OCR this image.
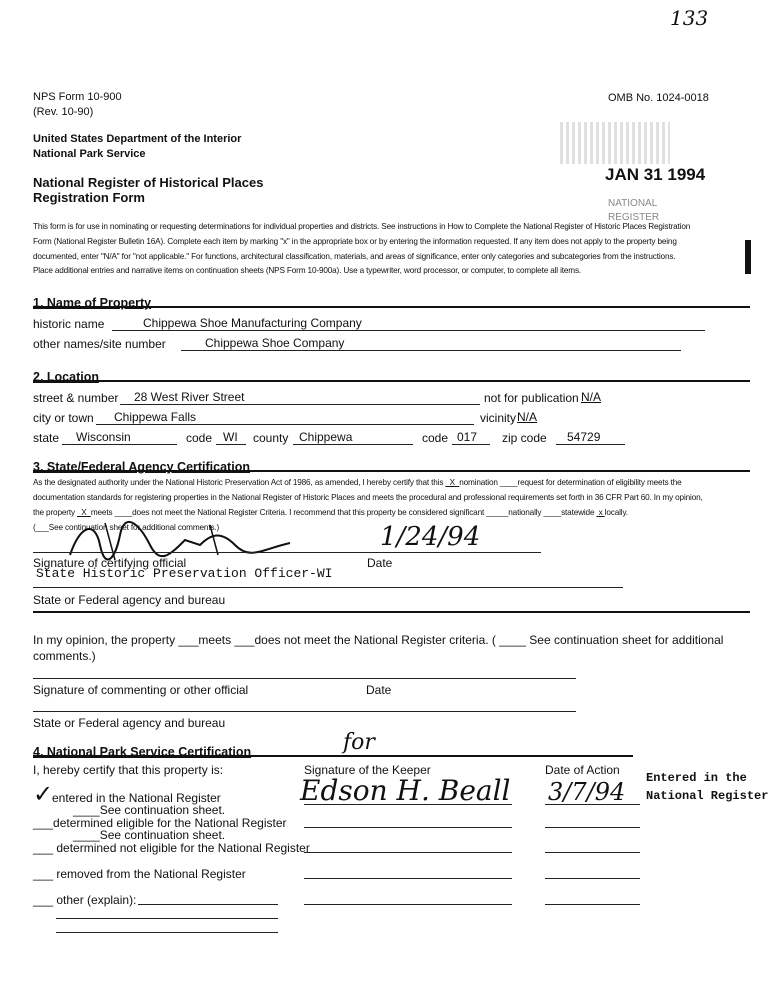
133
NPS Form 10-900
(Rev. 10-90)
OMB No. 1024-0018
United States Department of the Interior
National Park Service
National Register of Historical Places
Registration Form
JAN 31 1994
NATIONAL
REGISTER
This form is for use in nominating or requesting determinations for individual properties and districts. See instructions in How to Complete the National Register of Historic Places Registration
Form (National Register Bulletin 16A). Complete each item by marking "x" in the appropriate box or by entering the information requested. If any item does not apply to the property being
documented, enter "N/A" for "not applicable." For functions, architectural classification, materials, and areas of significance, enter only categories and subcategories from the instructions.
Place additional entries and narrative items on continuation sheets (NPS Form 10-900a). Use a typewriter, word processor, or computer, to complete all items.
1. Name of Property
historic name	Chippewa Shoe Manufacturing Company
other names/site number	Chippewa Shoe Company
2. Location
street & number 28 West River Street	not for publication N/A
city or town Chippewa Falls	vicinity N/A
state Wisconsin	code WI county Chippewa	code 017 zip code 54729
3. State/Federal Agency Certification
As the designated authority under the National Historic Preservation Act of 1986, as amended, I hereby certify that this X nomination ____request for determination of eligibility meets the
documentation standards for registering properties in the National Register of Historic Places and meets the procedural and professional requirements set forth in 36 CFR Part 60. In my opinion,
the property X meets ____does not meet the National Register Criteria. I recommend that this property be considered significant _____nationally ____statewide x locally.
(___See continuation sheet for additional comments.)	1/24/94
Signature of certifying official	Date
State Historic Preservation Officer-WI
State or Federal agency and bureau
In my opinion, the property ___meets ___does not meet the National Register criteria. ( ____ See continuation sheet for additional
comments.)
Signature of commenting or other official	Date
State or Federal agency and bureau
4. National Park Service Certification	for
I, hereby certify that this property is:	Signature of the Keeper	Date of Action
Entered in the
National Register
Edson H. Beall 3/7/94
✓
entered in the National Register
____See continuation sheet.
___determined eligible for the National Register
____See continuation sheet.
___ determined not eligible for the National Register
___ removed from the National Register
___ other (explain):
